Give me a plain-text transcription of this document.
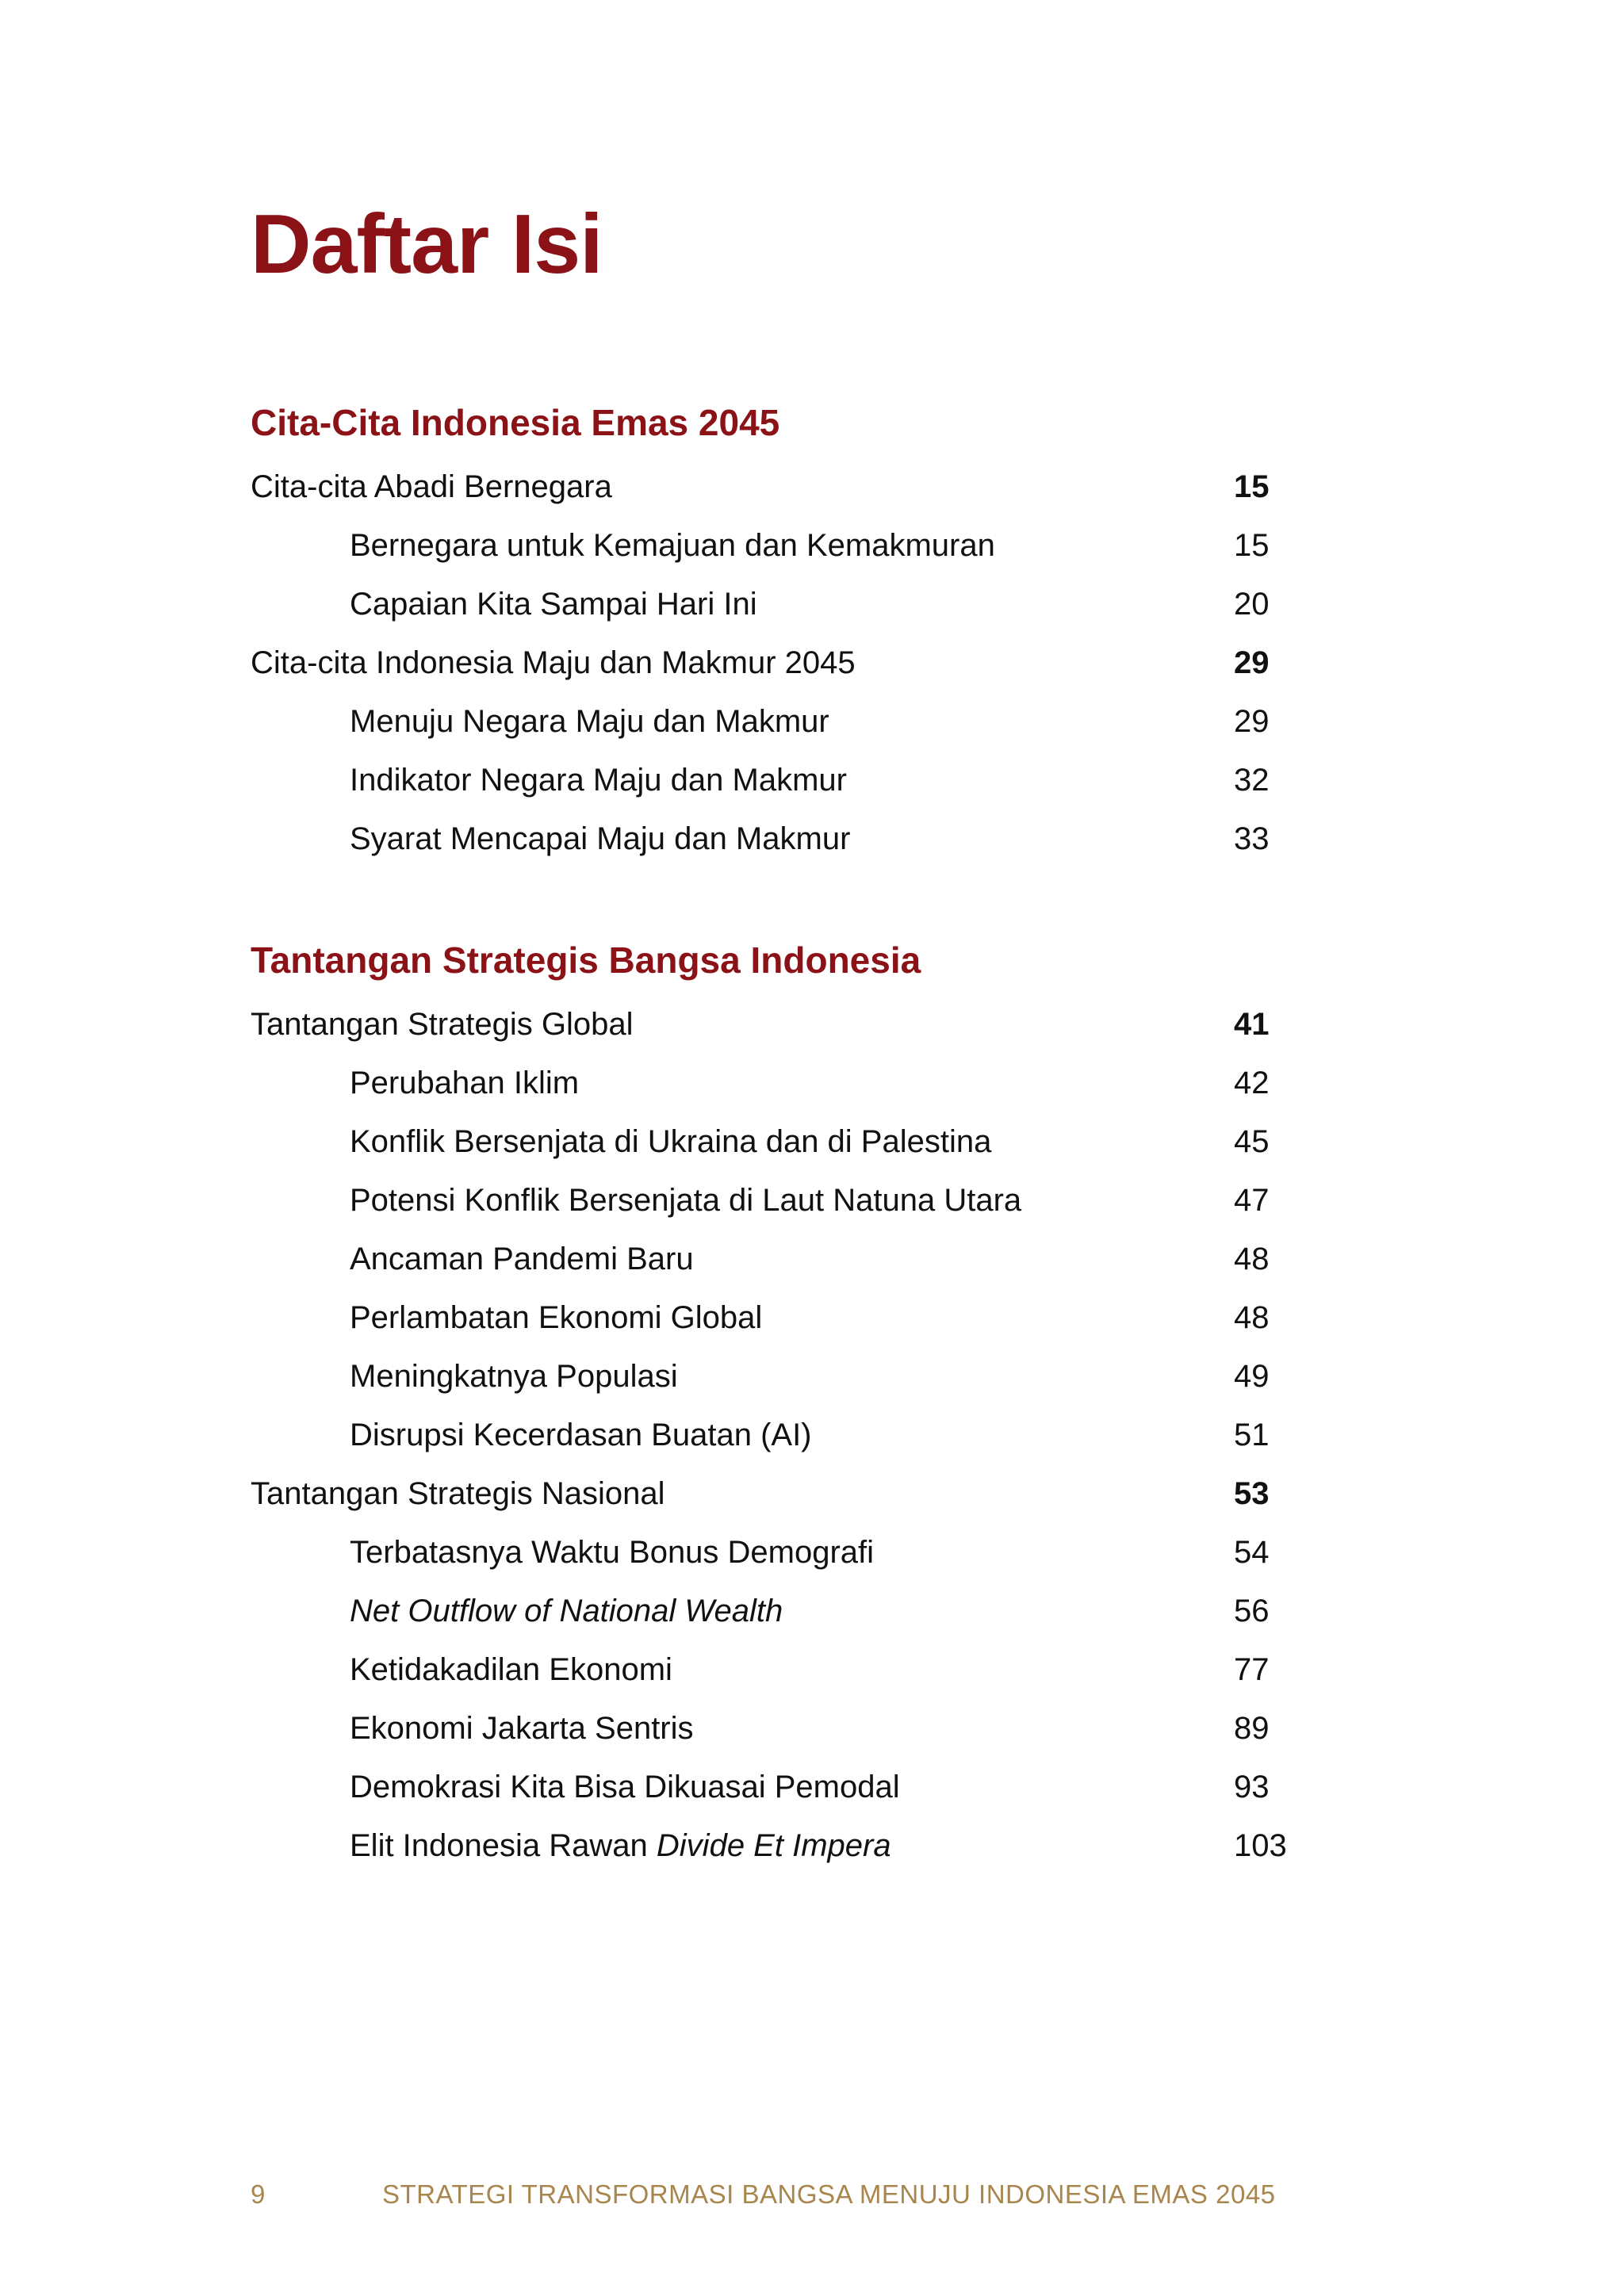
Daftar Isi
Cita-Cita Indonesia Emas 2045
Cita-cita Abadi Bernegara	15
Bernegara untuk Kemajuan dan Kemakmuran	15
Capaian Kita Sampai Hari Ini	20
Cita-cita Indonesia Maju dan Makmur 2045	29
Menuju Negara Maju dan Makmur	29
Indikator Negara Maju dan Makmur	32
Syarat Mencapai Maju dan Makmur	33
Tantangan Strategis Bangsa Indonesia
Tantangan Strategis Global	41
Perubahan Iklim	42
Konflik Bersenjata di Ukraina dan di Palestina	45
Potensi Konflik Bersenjata di Laut Natuna Utara	47
Ancaman Pandemi Baru	48
Perlambatan Ekonomi Global	48
Meningkatnya Populasi	49
Disrupsi Kecerdasan Buatan (AI)	51
Tantangan Strategis Nasional	53
Terbatasnya Waktu Bonus Demografi	54
Net Outflow of National Wealth	56
Ketidakadilan Ekonomi	77
Ekonomi Jakarta Sentris	89
Demokrasi Kita Bisa Dikuasai Pemodal	93
Elit Indonesia Rawan Divide Et Impera	103
9	STRATEGI TRANSFORMASI BANGSA MENUJU INDONESIA EMAS 2045
